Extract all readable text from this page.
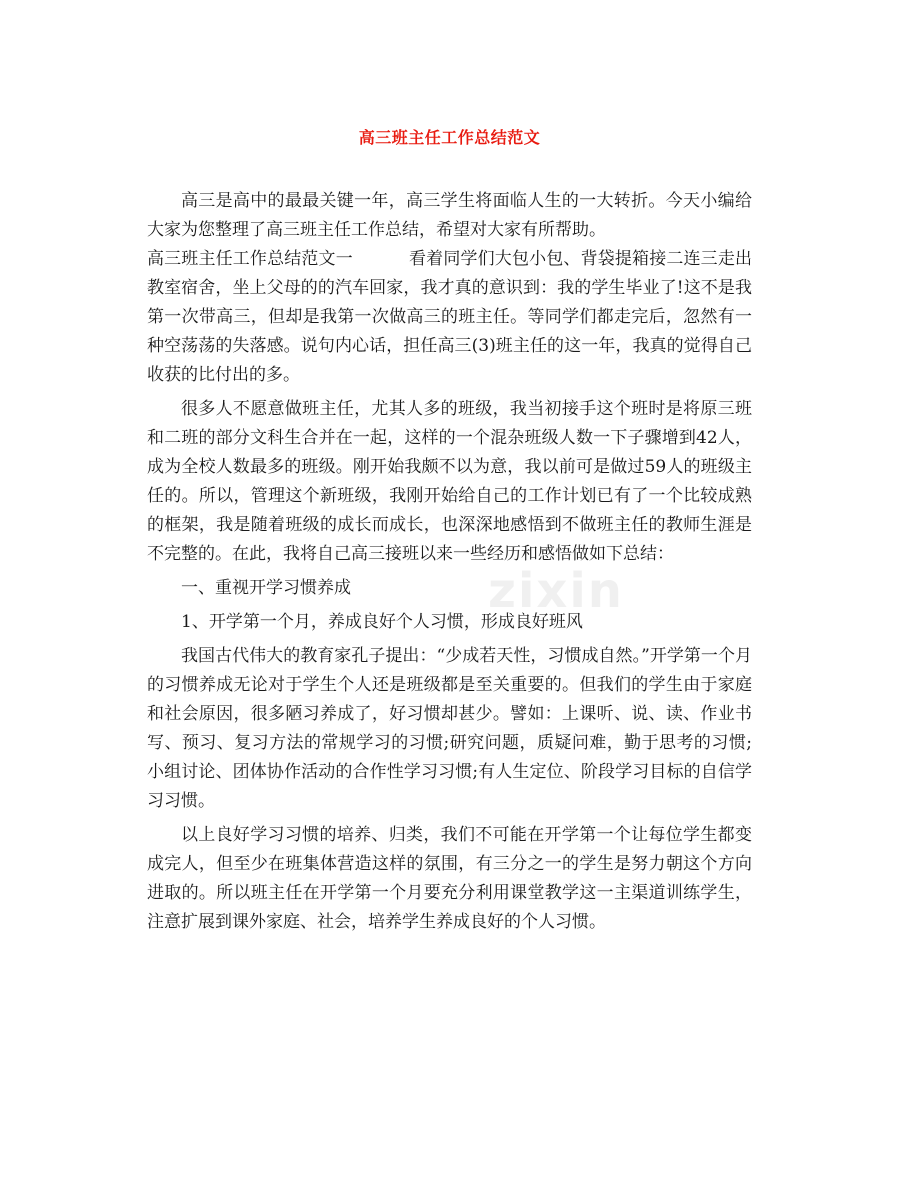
zixin
高三班主任工作总结范文

高三是高中的最最关键一年，高三学生将面临人生的一大转折。今天小编给大家为您整理了高三班主任工作总结，希望对大家有所帮助。

高三班主任工作总结范文一	看着同学们大包小包、背袋提箱接二连三走出教室宿舍，坐上父母的的汽车回家，我才真的意识到：我的学生毕业了!这不是我第一次带高三，但却是我第一次做高三的班主任。等同学们都走完后，忽然有一种空荡荡的失落感。说句内心话，担任高三(3)班主任的这一年，我真的觉得自己收获的比付出的多。

很多人不愿意做班主任，尤其人多的班级，我当初接手这个班时是将原三班和二班的部分文科生合并在一起，这样的一个混杂班级人数一下子骤增到42人，成为全校人数最多的班级。刚开始我颇不以为意，我以前可是做过59人的班级主任的。所以，管理这个新班级，我刚开始给自己的工作计划已有了一个比较成熟的框架，我是随着班级的成长而成长，也深深地感悟到不做班主任的教师生涯是不完整的。在此，我将自己高三接班以来一些经历和感悟做如下总结：

一、重视开学习惯养成

1、开学第一个月，养成良好个人习惯，形成良好班风

我国古代伟大的教育家孔子提出：“少成若天性，习惯成自然。”开学第一个月的习惯养成无论对于学生个人还是班级都是至关重要的。但我们的学生由于家庭和社会原因，很多陋习养成了，好习惯却甚少。譬如：上课听、说、读、作业书写、预习、复习方法的常规学习的习惯;研究问题，质疑问难，勤于思考的习惯;小组讨论、团体协作活动的合作性学习习惯;有人生定位、阶段学习目标的自信学习习惯。

以上良好学习习惯的培养、归类，我们不可能在开学第一个让每位学生都变成完人，但至少在班集体营造这样的氛围，有三分之一的学生是努力朝这个方向进取的。所以班主任在开学第一个月要充分利用课堂教学这一主渠道训练学生，注意扩展到课外家庭、社会，培养学生养成良好的个人习惯。
